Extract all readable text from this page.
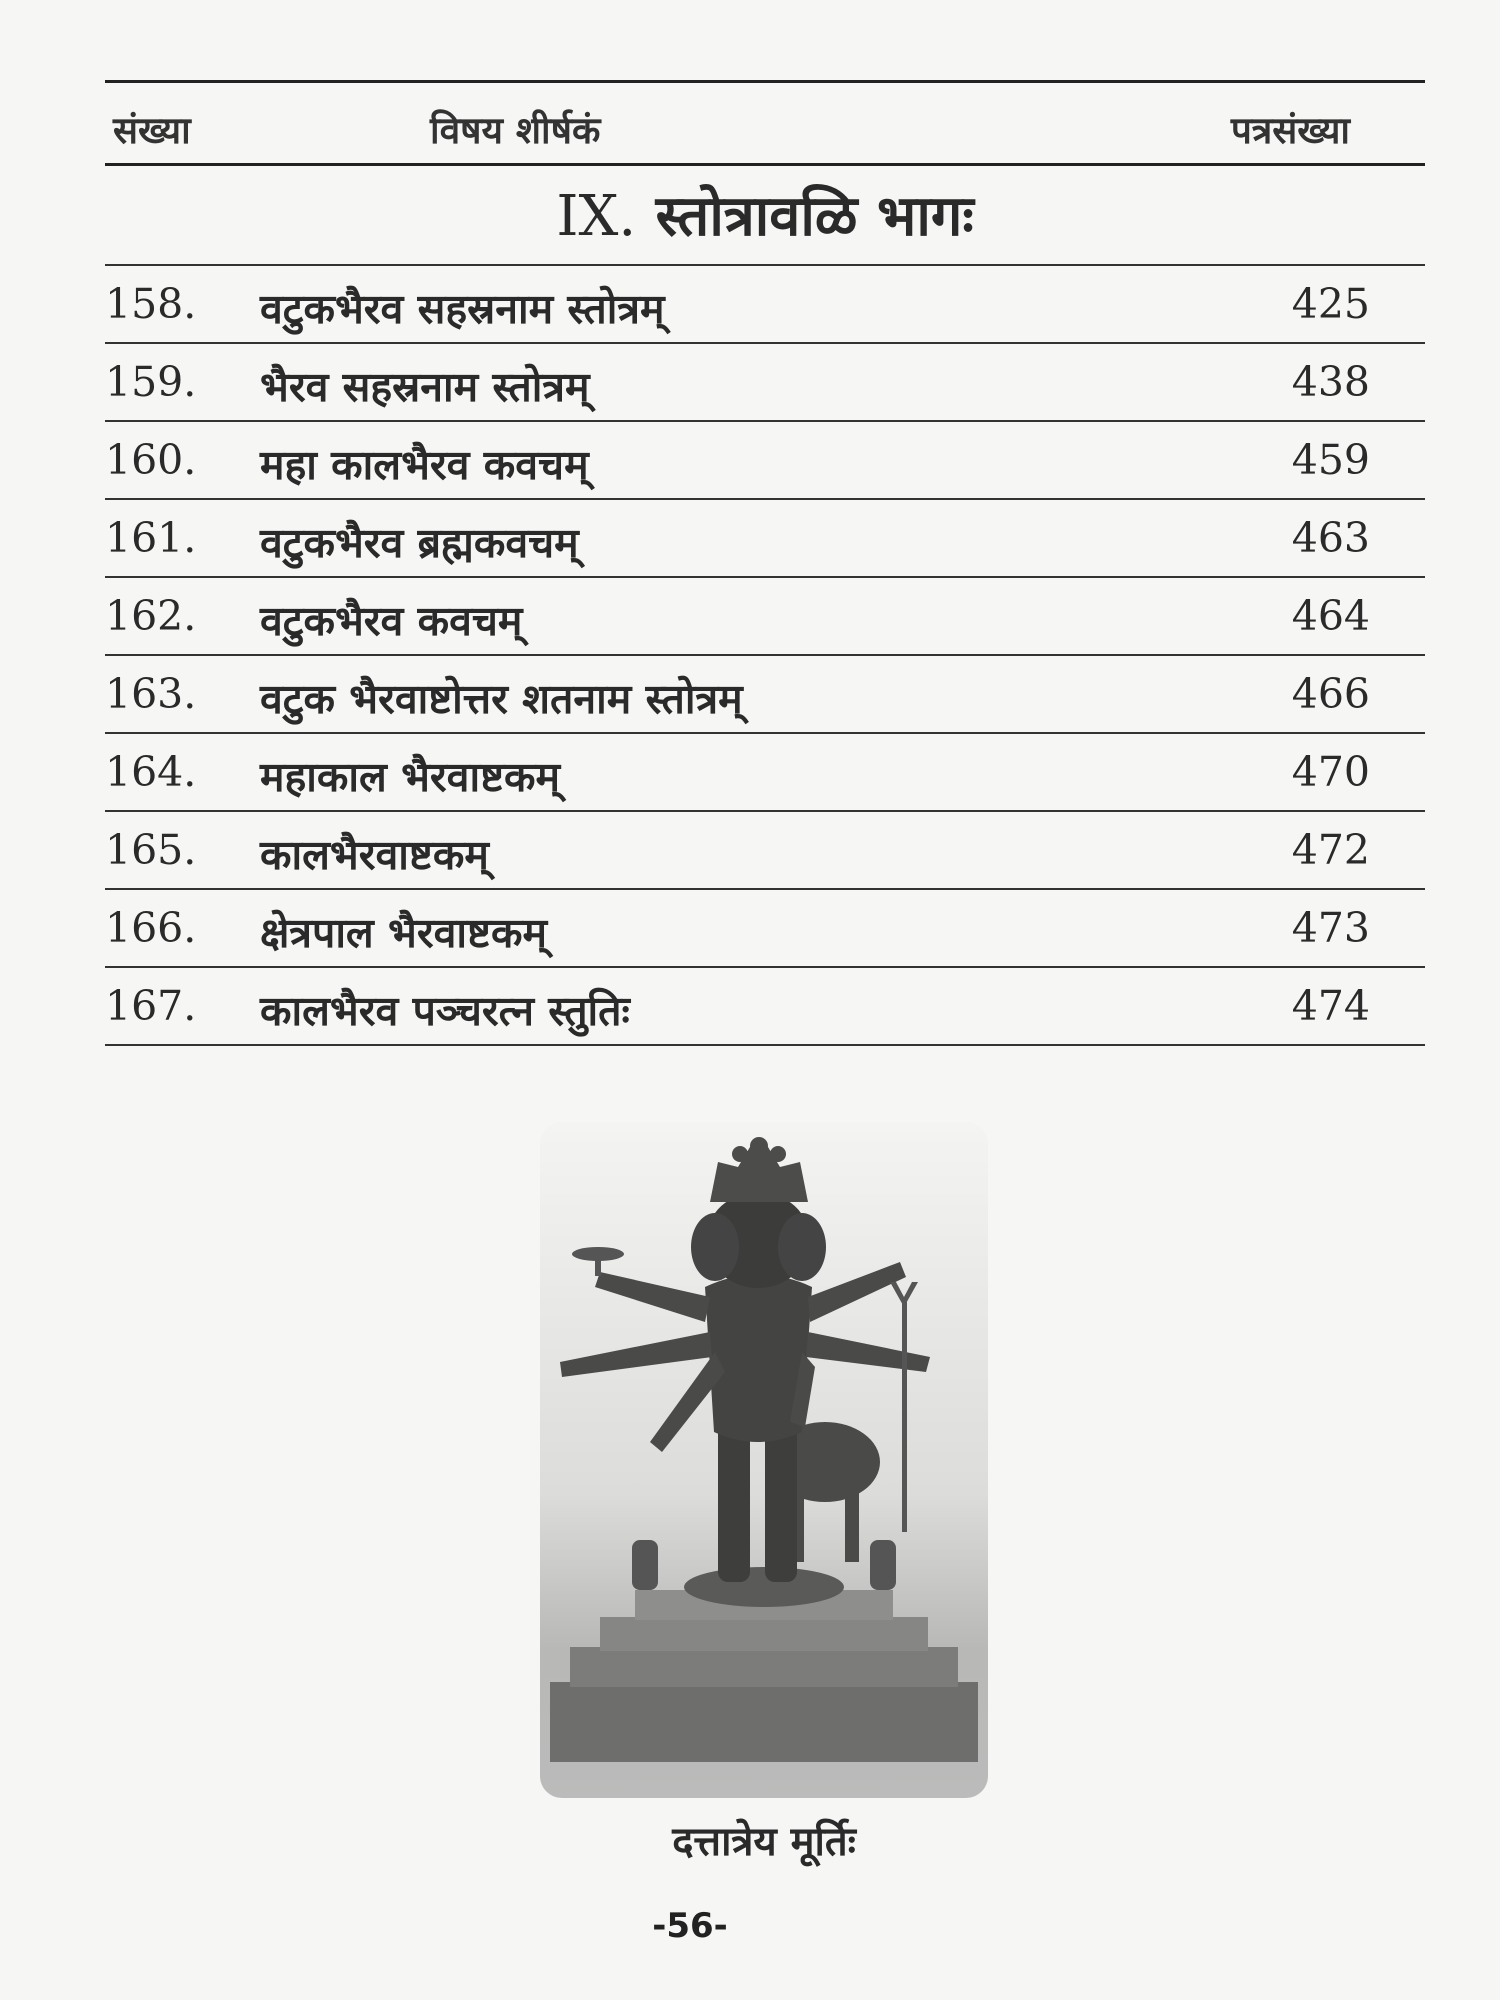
संख्या	विषय शीर्षकं	पत्रसंख्या
IX. स्तोत्रावळि भागः
158. वटुकभैरव सहस्रनाम स्तोत्रम्	425
159. भैरव सहस्रनाम स्तोत्रम्	438
160. महा कालभैरव कवचम्	459
161. वटुकभैरव ब्रह्मकवचम्	463
162. वटुकभैरव कवचम्	464
163. वटुक भैरवाष्टोत्तर शतनाम स्तोत्रम्	466
164. महाकाल भैरवाष्टकम्	470
165. कालभैरवाष्टकम्	472
166. क्षेत्रपाल भैरवाष्टकम्	473
167. कालभैरव पञ्चरत्न स्तुतिः	474
दत्तात्रेय मूर्तिः
-56-
